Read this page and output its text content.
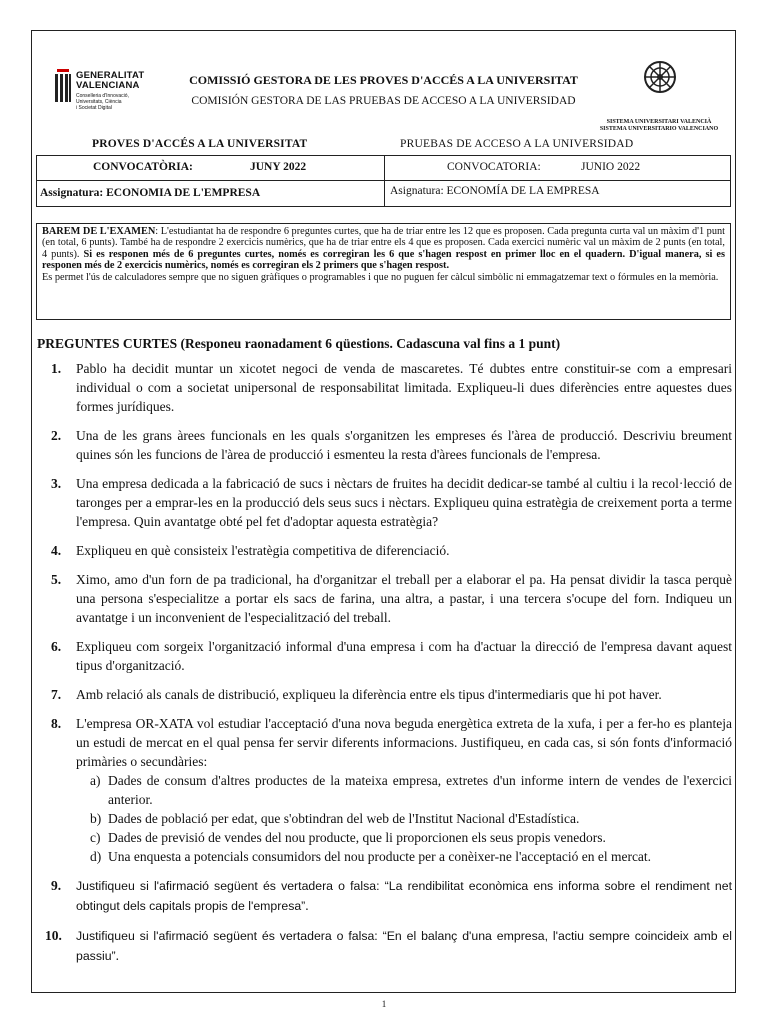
GENERALITAT
VALENCIANA
Conselleria d'Innovació,
Universitats, Ciència
i Societat Digital
COMISSIÓ GESTORA DE LES PROVES D'ACCÉS A LA UNIVERSITAT
COMISIÓN GESTORA DE LAS PRUEBAS DE ACCESO A LA UNIVERSIDAD
SISTEMA UNIVERSITARI VALENCIÀ
SISTEMA UNIVERSITARIO VALENCIANO
PROVES D'ACCÉS A LA UNIVERSITAT	PRUEBAS DE ACCESO A LA UNIVERSIDAD
CONVOCATÒRIA:	JUNY 2022	CONVOCATORIA:	JUNIO 2022
Assignatura: ECONOMIA DE L'EMPRESA	Asignatura: ECONOMÍA DE LA EMPRESA
BAREM DE L'EXAMEN: L'estudiantat ha de respondre 6 preguntes curtes, que ha de triar entre les 12 que es proposen. Cada pregunta curta val un màxim d'1 punt (en total, 6 punts). També ha de respondre 2 exercicis numèrics, que ha de triar entre els 4 que es proposen. Cada exercici numèric val un màxim de 2 punts (en total, 4 punts). Si es responen més de 6 preguntes curtes, només es corregiran les 6 que s'hagen respost en primer lloc en el quadern. D'igual manera, si es responen més de 2 exercicis numèrics, només es corregiran els 2 primers que s'hagen respost.
Es permet l'ús de calculadores sempre que no siguen gràfiques o programables i que no puguen fer càlcul simbòlic ni emmagatzemar text o fórmules en la memòria.
PREGUNTES CURTES (Responeu raonadament 6 qüestions. Cadascuna val fins a 1 punt)
1. Pablo ha decidit muntar un xicotet negoci de venda de mascaretes. Té dubtes entre constituir-se com a empresari individual o com a societat unipersonal de responsabilitat limitada. Expliqueu-li dues diferències entre aquestes dues formes jurídiques.
2. Una de les grans àrees funcionals en les quals s'organitzen les empreses és l'àrea de producció. Descriviu breument quines són les funcions de l'àrea de producció i esmenteu la resta d'àrees funcionals de l'empresa.
3. Una empresa dedicada a la fabricació de sucs i nèctars de fruites ha decidit dedicar-se també al cultiu i la recol·lecció de taronges per a emprar-les en la producció dels seus sucs i nèctars. Expliqueu quina estratègia de creixement porta a terme l'empresa. Quin avantatge obté pel fet d'adoptar aquesta estratègia?
4. Expliqueu en què consisteix l'estratègia competitiva de diferenciació.
5. Ximo, amo d'un forn de pa tradicional, ha d'organitzar el treball per a elaborar el pa. Ha pensat dividir la tasca perquè una persona s'especialitze a portar els sacs de farina, una altra, a pastar, i una tercera s'ocupe del forn. Indiqueu un avantatge i un inconvenient de l'especialització del treball.
6. Expliqueu com sorgeix l'organització informal d'una empresa i com ha d'actuar la direcció de l'empresa davant aquest tipus d'organització.
7. Amb relació als canals de distribució, expliqueu la diferència entre els tipus d'intermediaris que hi pot haver.
8. L'empresa OR-XATA vol estudiar l'acceptació d'una nova beguda energètica extreta de la xufa, i per a fer-ho es planteja un estudi de mercat en el qual pensa fer servir diferents informacions. Justifiqueu, en cada cas, si són fonts d'informació primàries o secundàries:
a) Dades de consum d'altres productes de la mateixa empresa, extretes d'un informe intern de vendes de l'exercici anterior.
b) Dades de població per edat, que s'obtindran del web de l'Institut Nacional d'Estadística.
c) Dades de previsió de vendes del nou producte, que li proporcionen els seus propis venedors.
d) Una enquesta a potencials consumidors del nou producte per a conèixer-ne l'acceptació en el mercat.
9. Justifiqueu si l'afirmació següent és vertadera o falsa: “La rendibilitat econòmica ens informa sobre el rendiment net obtingut dels capitals propis de l'empresa”.
10. Justifiqueu si l'afirmació següent és vertadera o falsa: “En el balanç d'una empresa, l'actiu sempre coincideix amb el passiu”.
1
